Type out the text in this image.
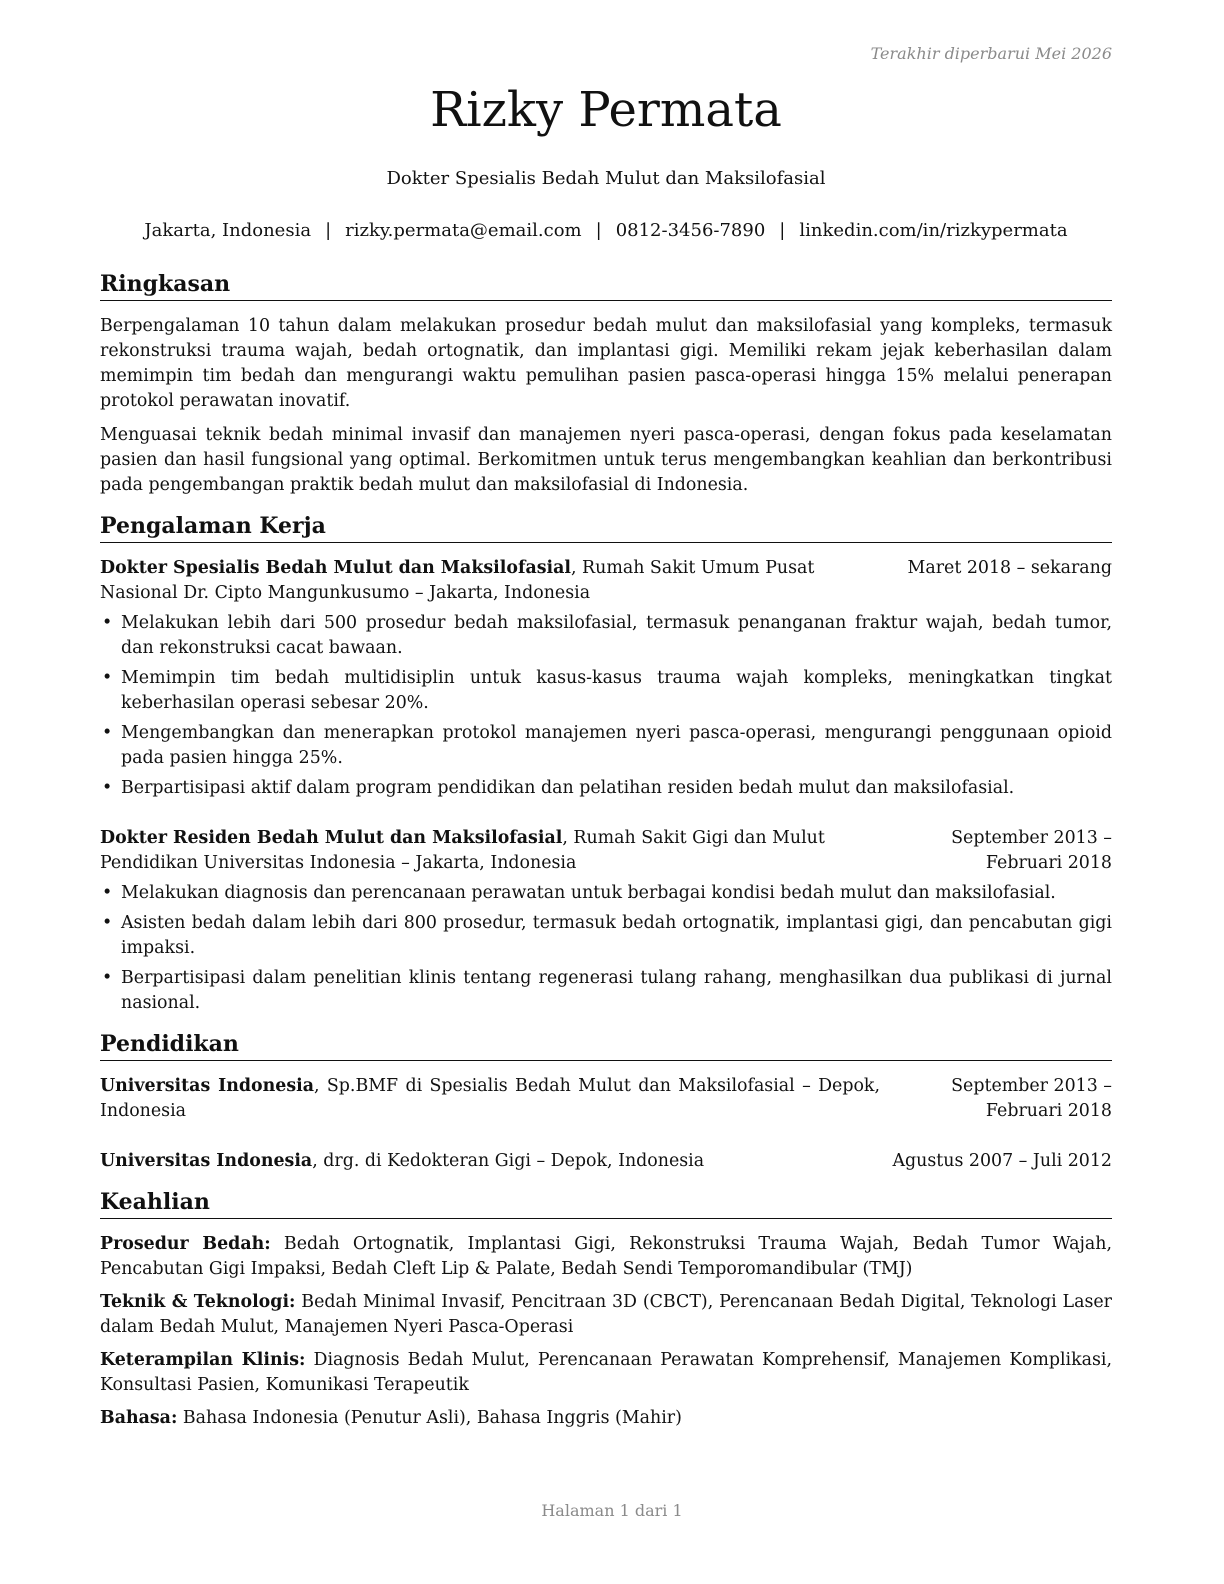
Terakhir diperbarui Mei 2026
Rizky Permata
Dokter Spesialis Bedah Mulut dan Maksilofasial
Jakarta, Indonesia | rizky.permata@email.com | 0812-3456-7890 | linkedin.com/in/rizkypermata
Ringkasan

Berpengalaman 10 tahun dalam melakukan prosedur bedah mulut dan maksilofasial yang kompleks, termasuk rekonstruksi trauma wajah, bedah ortognatik, dan implantasi gigi. Memiliki rekam jejak keberhasilan dalam memimpin tim bedah dan mengurangi waktu pemulihan pasien pasca-operasi hingga 15% melalui penerapan protokol perawatan inovatif.

Menguasai teknik bedah minimal invasif dan manajemen nyeri pasca-operasi, dengan fokus pada keselamatan pasien dan hasil fungsional yang optimal. Berkomitmen untuk terus mengembangkan keahlian dan berkontribusi pada pengembangan praktik bedah mulut dan maksilofasial di Indonesia.

Pengalaman Kerja
Dokter Spesialis Bedah Mulut dan Maksilofasial, Rumah Sakit Umum Pusat Nasional Dr. Cipto Mangunkusumo – Jakarta, Indonesia
Maret 2018 – sekarang
• Melakukan lebih dari 500 prosedur bedah maksilofasial, termasuk penanganan fraktur wajah, bedah tumor, dan rekonstruksi cacat bawaan.
• Memimpin tim bedah multidisiplin untuk kasus-kasus trauma wajah kompleks, meningkatkan tingkat keberhasilan operasi sebesar 20%.
• Mengembangkan dan menerapkan protokol manajemen nyeri pasca-operasi, mengurangi penggunaan opioid pada pasien hingga 25%.
• Berpartisipasi aktif dalam program pendidikan dan pelatihan residen bedah mulut dan maksilofasial.
Dokter Residen Bedah Mulut dan Maksilofasial, Rumah Sakit Gigi dan Mulut Pendidikan Universitas Indonesia – Jakarta, Indonesia
September 2013 – Februari 2018
• Melakukan diagnosis dan perencanaan perawatan untuk berbagai kondisi bedah mulut dan maksilofasial.
• Asisten bedah dalam lebih dari 800 prosedur, termasuk bedah ortognatik, implantasi gigi, dan pencabutan gigi impaksi.
• Berpartisipasi dalam penelitian klinis tentang regenerasi tulang rahang, menghasilkan dua publikasi di jurnal nasional.
Pendidikan
Universitas Indonesia, Sp.BMF di Spesialis Bedah Mulut dan Maksilofasial – Depok, Indonesia
September 2013 – Februari 2018
Universitas Indonesia, drg. di Kedokteran Gigi – Depok, Indonesia	Agustus 2007 – Juli 2012
Keahlian

Prosedur Bedah: Bedah Ortognatik, Implantasi Gigi, Rekonstruksi Trauma Wajah, Bedah Tumor Wajah, Pencabutan Gigi Impaksi, Bedah Cleft Lip & Palate, Bedah Sendi Temporomandibular (TMJ)

Teknik & Teknologi: Bedah Minimal Invasif, Pencitraan 3D (CBCT), Perencanaan Bedah Digital, Teknologi Laser dalam Bedah Mulut, Manajemen Nyeri Pasca-Operasi

Keterampilan Klinis: Diagnosis Bedah Mulut, Perencanaan Perawatan Komprehensif, Manajemen Komplikasi, Konsultasi Pasien, Komunikasi Terapeutik

Bahasa: Bahasa Indonesia (Penutur Asli), Bahasa Inggris (Mahir)

Halaman 1 dari 1
